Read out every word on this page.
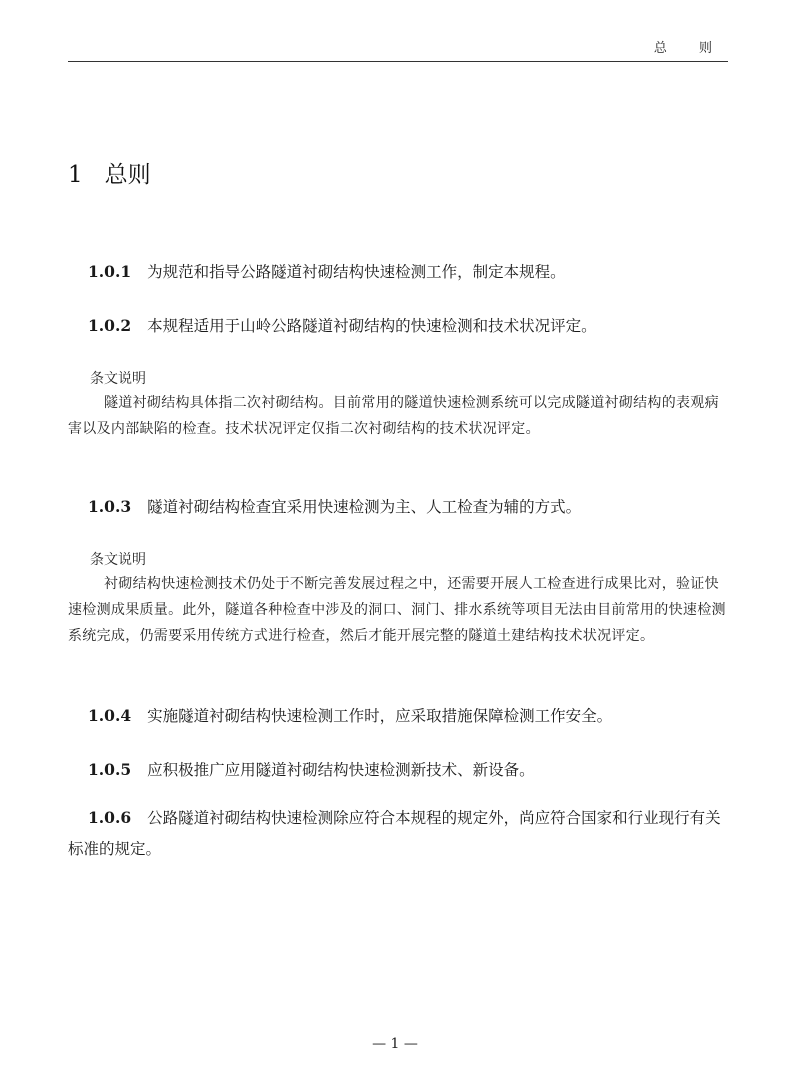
总 则
1 总则
1.0.1 为规范和指导公路隧道衬砌结构快速检测工作，制定本规程。
1.0.2 本规程适用于山岭公路隧道衬砌结构的快速检测和技术状况评定。
条文说明
隧道衬砌结构具体指二次衬砌结构。目前常用的隧道快速检测系统可以完成隧道衬砌结构的表观病害以及内部缺陷的检查。技术状况评定仅指二次衬砌结构的技术状况评定。
1.0.3 隧道衬砌结构检查宜采用快速检测为主、人工检查为辅的方式。
条文说明
衬砌结构快速检测技术仍处于不断完善发展过程之中，还需要开展人工检查进行成果比对，验证快速检测成果质量。此外，隧道各种检查中涉及的洞口、洞门、排水系统等项目无法由目前常用的快速检测系统完成，仍需要采用传统方式进行检查，然后才能开展完整的隧道土建结构技术状况评定。
1.0.4 实施隧道衬砌结构快速检测工作时，应采取措施保障检测工作安全。
1.0.5 应积极推广应用隧道衬砌结构快速检测新技术、新设备。
1.0.6 公路隧道衬砌结构快速检测除应符合本规程的规定外，尚应符合国家和行业现行有关标准的规定。
— 1 —
